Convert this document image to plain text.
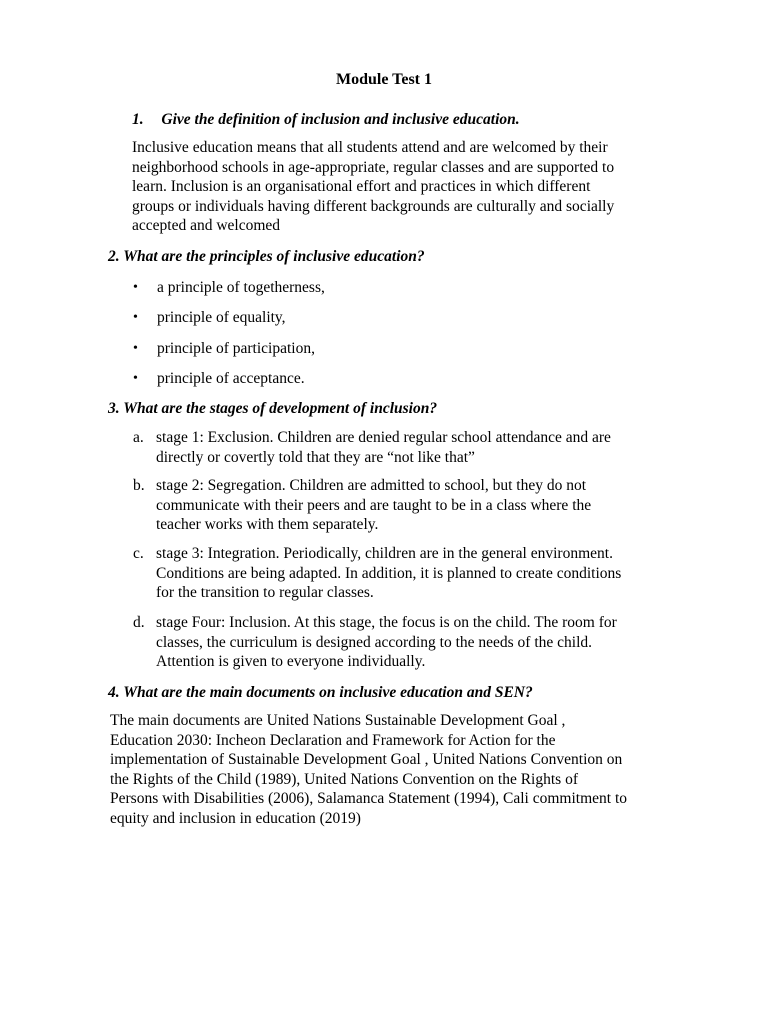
Module Test 1
1. Give the definition of inclusion and inclusive education.
Inclusive education means that all students attend and are welcomed by their
neighborhood schools in age-appropriate, regular classes and are supported to
learn. Inclusion is an organisational effort and practices in which different
groups or individuals having different backgrounds are culturally and socially
accepted and welcomed
2. What are the principles of inclusive education?
• a principle of togetherness,
• principle of equality,
• principle of participation,
• principle of acceptance.
3. What are the stages of development of inclusion?
a. stage 1: Exclusion. Children are denied regular school attendance and are
directly or covertly told that they are “not like that”
b. stage 2: Segregation. Children are admitted to school, but they do not
communicate with their peers and are taught to be in a class where the
teacher works with them separately.
c. stage 3: Integration. Periodically, children are in the general environment.
Conditions are being adapted. In addition, it is planned to create conditions
for the transition to regular classes.
d. stage Four: Inclusion. At this stage, the focus is on the child. The room for
classes, the curriculum is designed according to the needs of the child.
Attention is given to everyone individually.
4. What are the main documents on inclusive education and SEN?
The main documents are United Nations Sustainable Development Goal ,
Education 2030: Incheon Declaration and Framework for Action for the
implementation of Sustainable Development Goal , United Nations Convention on
the Rights of the Child (1989), United Nations Convention on the Rights of
Persons with Disabilities (2006), Salamanca Statement (1994), Cali commitment to
equity and inclusion in education (2019)
